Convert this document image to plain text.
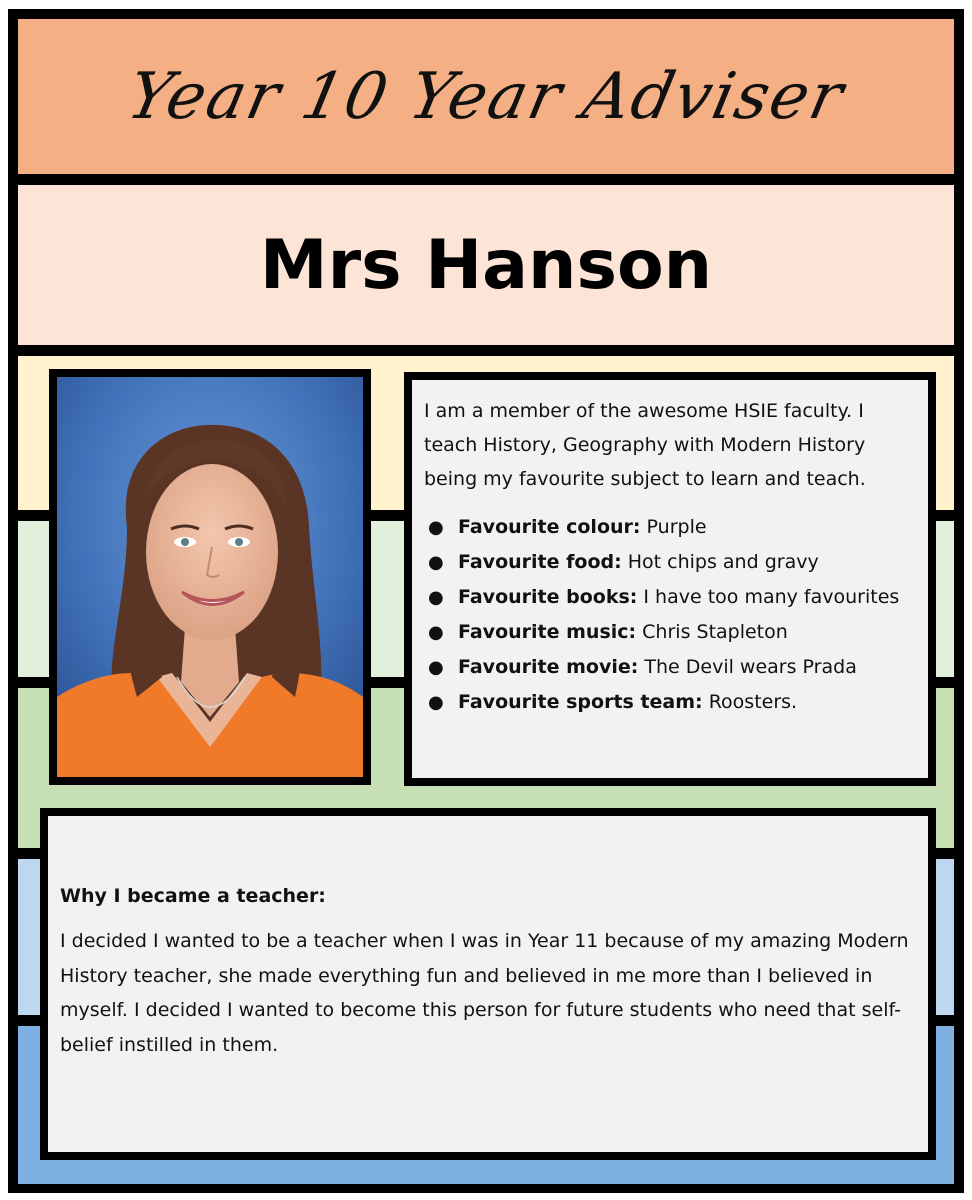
Year 10 Year Adviser
Mrs Hanson

I am a member of the awesome HSIE faculty. I teach History, Geography with Modern History being my favourite subject to learn and teach.

● Favourite colour: Purple
● Favourite food: Hot chips and gravy
● Favourite books: I have too many favourites
● Favourite music: Chris Stapleton
● Favourite movie: The Devil wears Prada
● Favourite sports team: Roosters.

Why I became a teacher:

I decided I wanted to be a teacher when I was in Year 11 because of my amazing Modern History teacher, she made everything fun and believed in me more than I believed in myself. I decided I wanted to become this person for future students who need that self-belief instilled in them.
